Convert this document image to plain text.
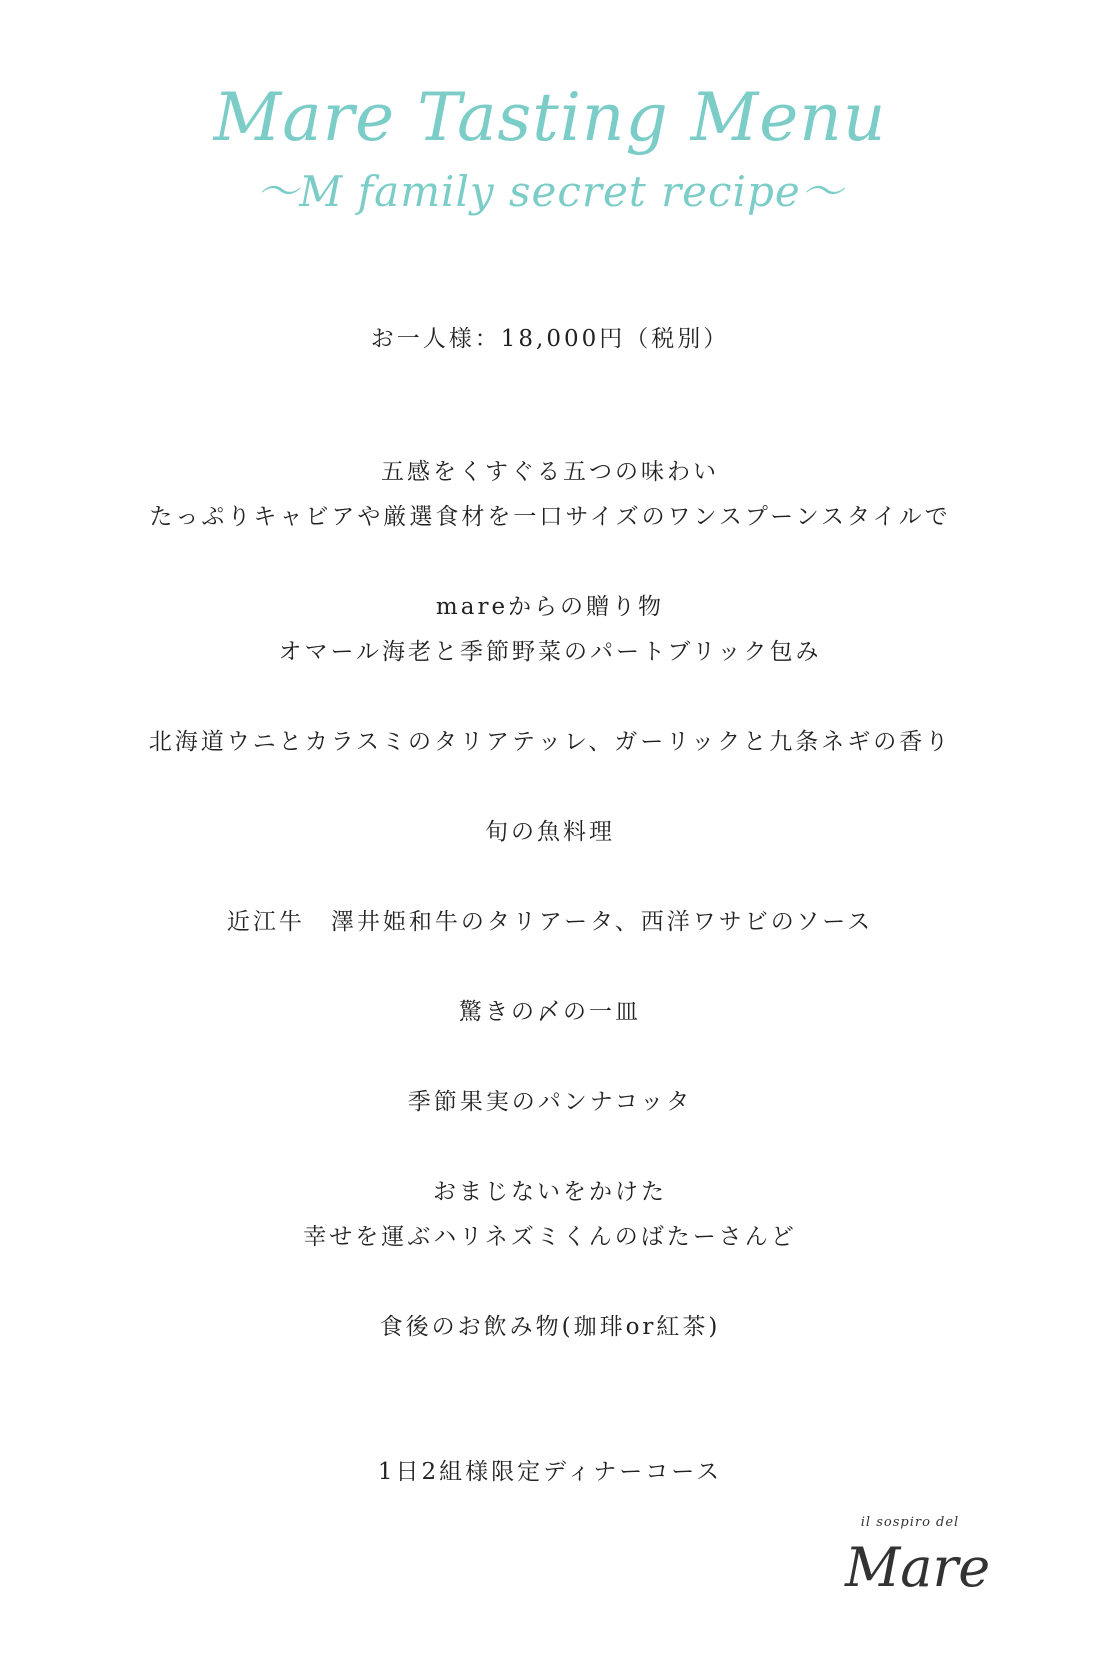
Mare Tasting Menu
〜M family secret recipe〜
お一人様：18,000円（税別）
五感をくすぐる五つの味わい
たっぷりキャビアや厳選食材を一口サイズのワンスプーンスタイルで
mareからの贈り物
オマール海老と季節野菜のパートブリック包み
北海道ウニとカラスミのタリアテッレ、ガーリックと九条ネギの香り
旬の魚料理
近江牛　澤井姫和牛のタリアータ、西洋ワサビのソース
驚きの〆の一皿
季節果実のパンナコッタ
おまじないをかけた
幸せを運ぶハリネズミくんのばたーさんど
食後のお飲み物(珈琲or紅茶)
1日2組様限定ディナーコース
il sospiro del
Mare
